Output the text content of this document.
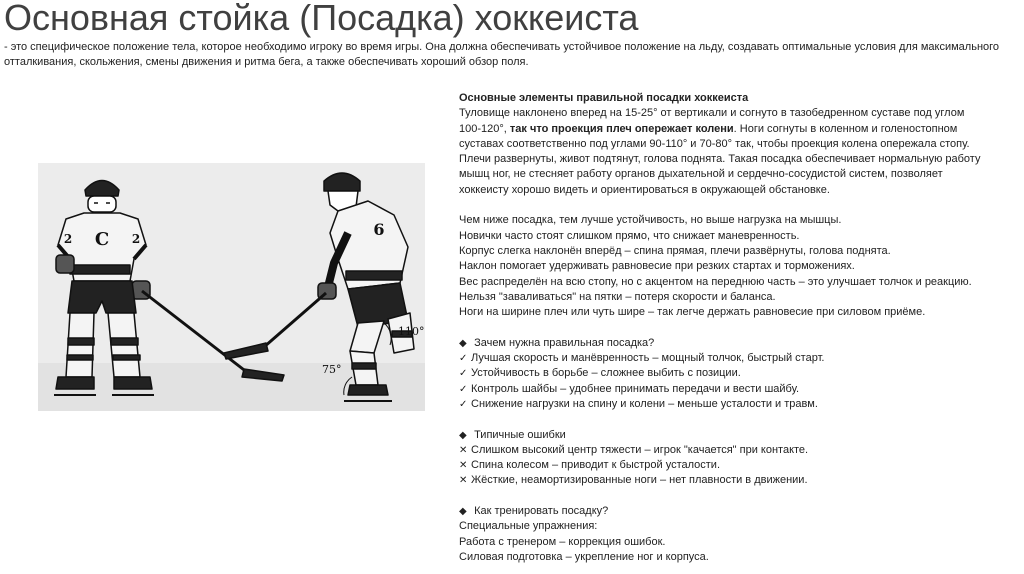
Основная стойка (Посадка) хоккеиста

- это специфическое положение тела, которое необходимо игроку во время игры. Она должна обеспечивать устойчивое положение на льду, создавать оптимальные условия для максимального отталкивания, скольжения, смены движения и ритма бега, а также обеспечивать хороший обзор поля.

C
2	2	6
110°
75°
Основные элементы правильной посадки хоккеиста
Туловище наклонено вперед на 15-25° от вертикали и согнуто в тазобедренном суставе под углом
100-120°, так что проекция плеч опережает колени. Ноги согнуты в коленном и голеностопном
суставах соответственно под углами 90-110° и 70-80° так, чтобы проекция колена опережала стопу.
Плечи развернуты, живот подтянут, голова поднята. Такая посадка обеспечивает нормальную работу
мышц ног, не стесняет работу органов дыхательной и сердечно-сосудистой систем, позволяет
хоккеисту хорошо видеть и ориентироваться в окружающей обстановке.
Чем ниже посадка, тем лучше устойчивость, но выше нагрузка на мышцы.
Новички часто стоят слишком прямо, что снижает маневренность.
Корпус слегка наклонён вперёд – спина прямая, плечи развёрнуты, голова поднята.
Наклон помогает удерживать равновесие при резких стартах и торможениях.
Вес распределён на всю стопу, но с акцентом на переднюю часть – это улучшает толчок и реакцию.
Нельзя "заваливаться" на пятки – потеря скорости и баланса.
Ноги на ширине плеч или чуть шире – так легче держать равновесие при силовом приёме.
◆ Зачем нужна правильная посадка?
✓ Лучшая скорость и манёвренность – мощный толчок, быстрый старт.
✓ Устойчивость в борьбе – сложнее выбить с позиции.
✓ Контроль шайбы – удобнее принимать передачи и вести шайбу.
✓ Снижение нагрузки на спину и колени – меньше усталости и травм.
◆ Типичные ошибки
✕ Слишком высокий центр тяжести – игрок "качается" при контакте.
✕ Спина колесом – приводит к быстрой усталости.
✕ Жёсткие, неамортизированные ноги – нет плавности в движении.
◆ Как тренировать посадку?
Специальные упражнения:
Работа с тренером – коррекция ошибок.
Силовая подготовка – укрепление ног и корпуса.
